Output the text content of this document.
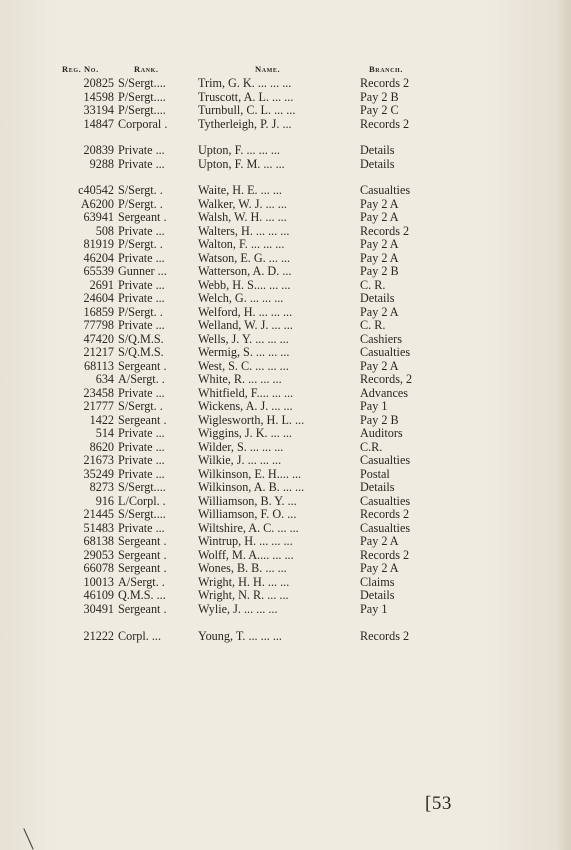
Reg. No.	Rank.	Name.	Branch.
20825 S/Sergt....	Trim, G. K. ... ... ...	Records 2
14598 P/Sergt....	Truscott, A. L. ... ...	Pay 2 B
33194 P/Sergt....	Turnbull, C. L. ... ...	Pay 2 C
14847 Corporal .	Tytherleigh, P. J. ...	Records 2
20839 Private ...	Upton, F. ... ... ...	Details
9288 Private ...	Upton, F. M. ... ...	Details
c40542 S/Sergt. .	Waite, H. E. ... ...	Casualties
A6200 P/Sergt. .	Walker, W. J. ... ...	Pay 2 A
63941 Sergeant .	Walsh, W. H. ... ...	Pay 2 A
508 Private ...	Walters, H. ... ... ...	Records 2
81919 P/Sergt. .	Walton, F. ... ... ...	Pay 2 A
46204 Private ...	Watson, E. G. ... ...	Pay 2 A
65539 Gunner ...	Watterson, A. D. ...	Pay 2 B
2691 Private ...	Webb, H. S.... ... ...	C. R.
24604 Private ...	Welch, G. ... ... ...	Details
16859 P/Sergt. .	Welford, H. ... ... ...	Pay 2 A
77798 Private ...	Welland, W. J. ... ...	C. R.
47420 S/Q.M.S.	Wells, J. Y. ... ... ...	Cashiers
21217 S/Q.M.S.	Wermig, S. ... ... ...	Casualties
68113 Sergeant .	West, S. C. ... ... ...	Pay 2 A
634 A/Sergt. .	White, R. ... ... ...	Records, 2
23458 Private ...	Whitfield, F.... ... ...	Advances
21777 S/Sergt. .	Wickens, A. J. ... ...	Pay 1
1422 Sergeant .	Wiglesworth, H. L. ...	Pay 2 B
514 Private ...	Wiggins, J. K. ... ...	Auditors
8620 Private ...	Wilder, S. ... ... ...	C.R.
21673 Private ...	Wilkie, J. ... ... ...	Casualties
35249 Private ...	Wilkinson, E. H.... ...	Postal
8273 S/Sergt....	Wilkinson, A. B. ... ...	Details
916 L/Corpl. .	Williamson, B. Y. ...	Casualties
21445 S/Sergt....	Williamson, F. O. ...	Records 2
51483 Private ...	Wiltshire, A. C. ... ...	Casualties
68138 Sergeant .	Wintrup, H. ... ... ...	Pay 2 A
29053 Sergeant .	Wolff, M. A.... ... ...	Records 2
66078 Sergeant .	Wones, B. B. ... ...	Pay 2 A
10013 A/Sergt. .	Wright, H. H. ... ...	Claims
46109 Q.M.S. ...	Wright, N. R. ... ...	Details
30491 Sergeant .	Wylie, J. ... ... ...	Pay 1
21222 Corpl. ...	Young, T. ... ... ...	Records 2
[53
